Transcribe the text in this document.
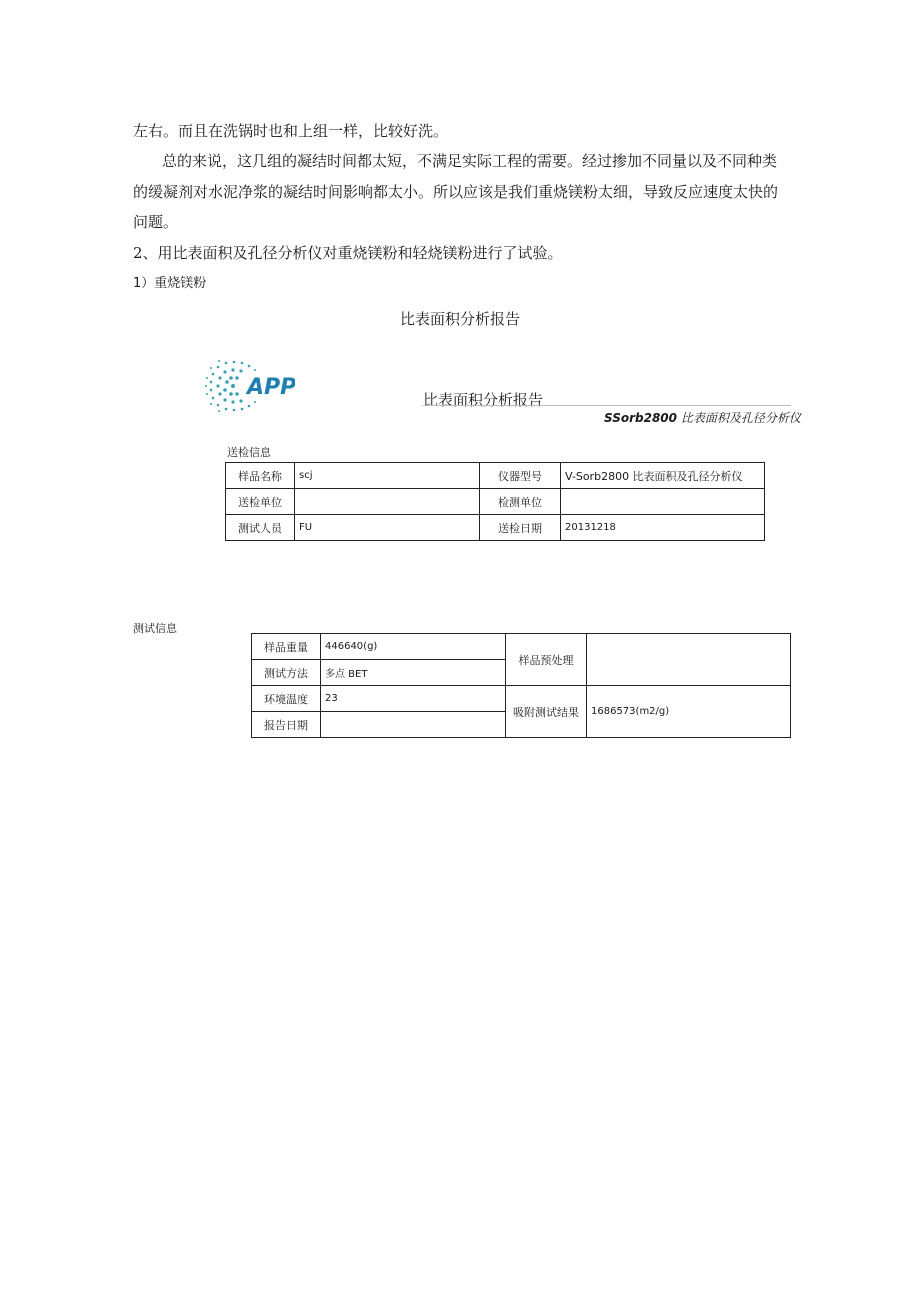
左右。而且在洗锅时也和上组一样，比较好洗。
总的来说，这几组的凝结时间都太短，不满足实际工程的需要。经过掺加不同量以及不同种类
的缓凝剂对水泥净浆的凝结时间影响都太小。所以应该是我们重烧镁粉太细，导致反应速度太快的
问题。
2、用比表面积及孔径分析仪对重烧镁粉和轻烧镁粉进行了试验。
1）重烧镁粉
比表面积分析报告
APP	比表面积分析报告
SSorb2800 比表面积及孔径分析仪
送检信息
样品名称	scj	仪器型号	V-Sorb2800 比表面积及孔径分析仪
送检单位		检测单位	
测试人员	FU	送检日期	20131218
测试信息
样品重量	446640(g)	样品预处理	
测试方法	多点 BET		
环境温度	23	吸附测试结果	1686573(m2/g)
报告日期			
